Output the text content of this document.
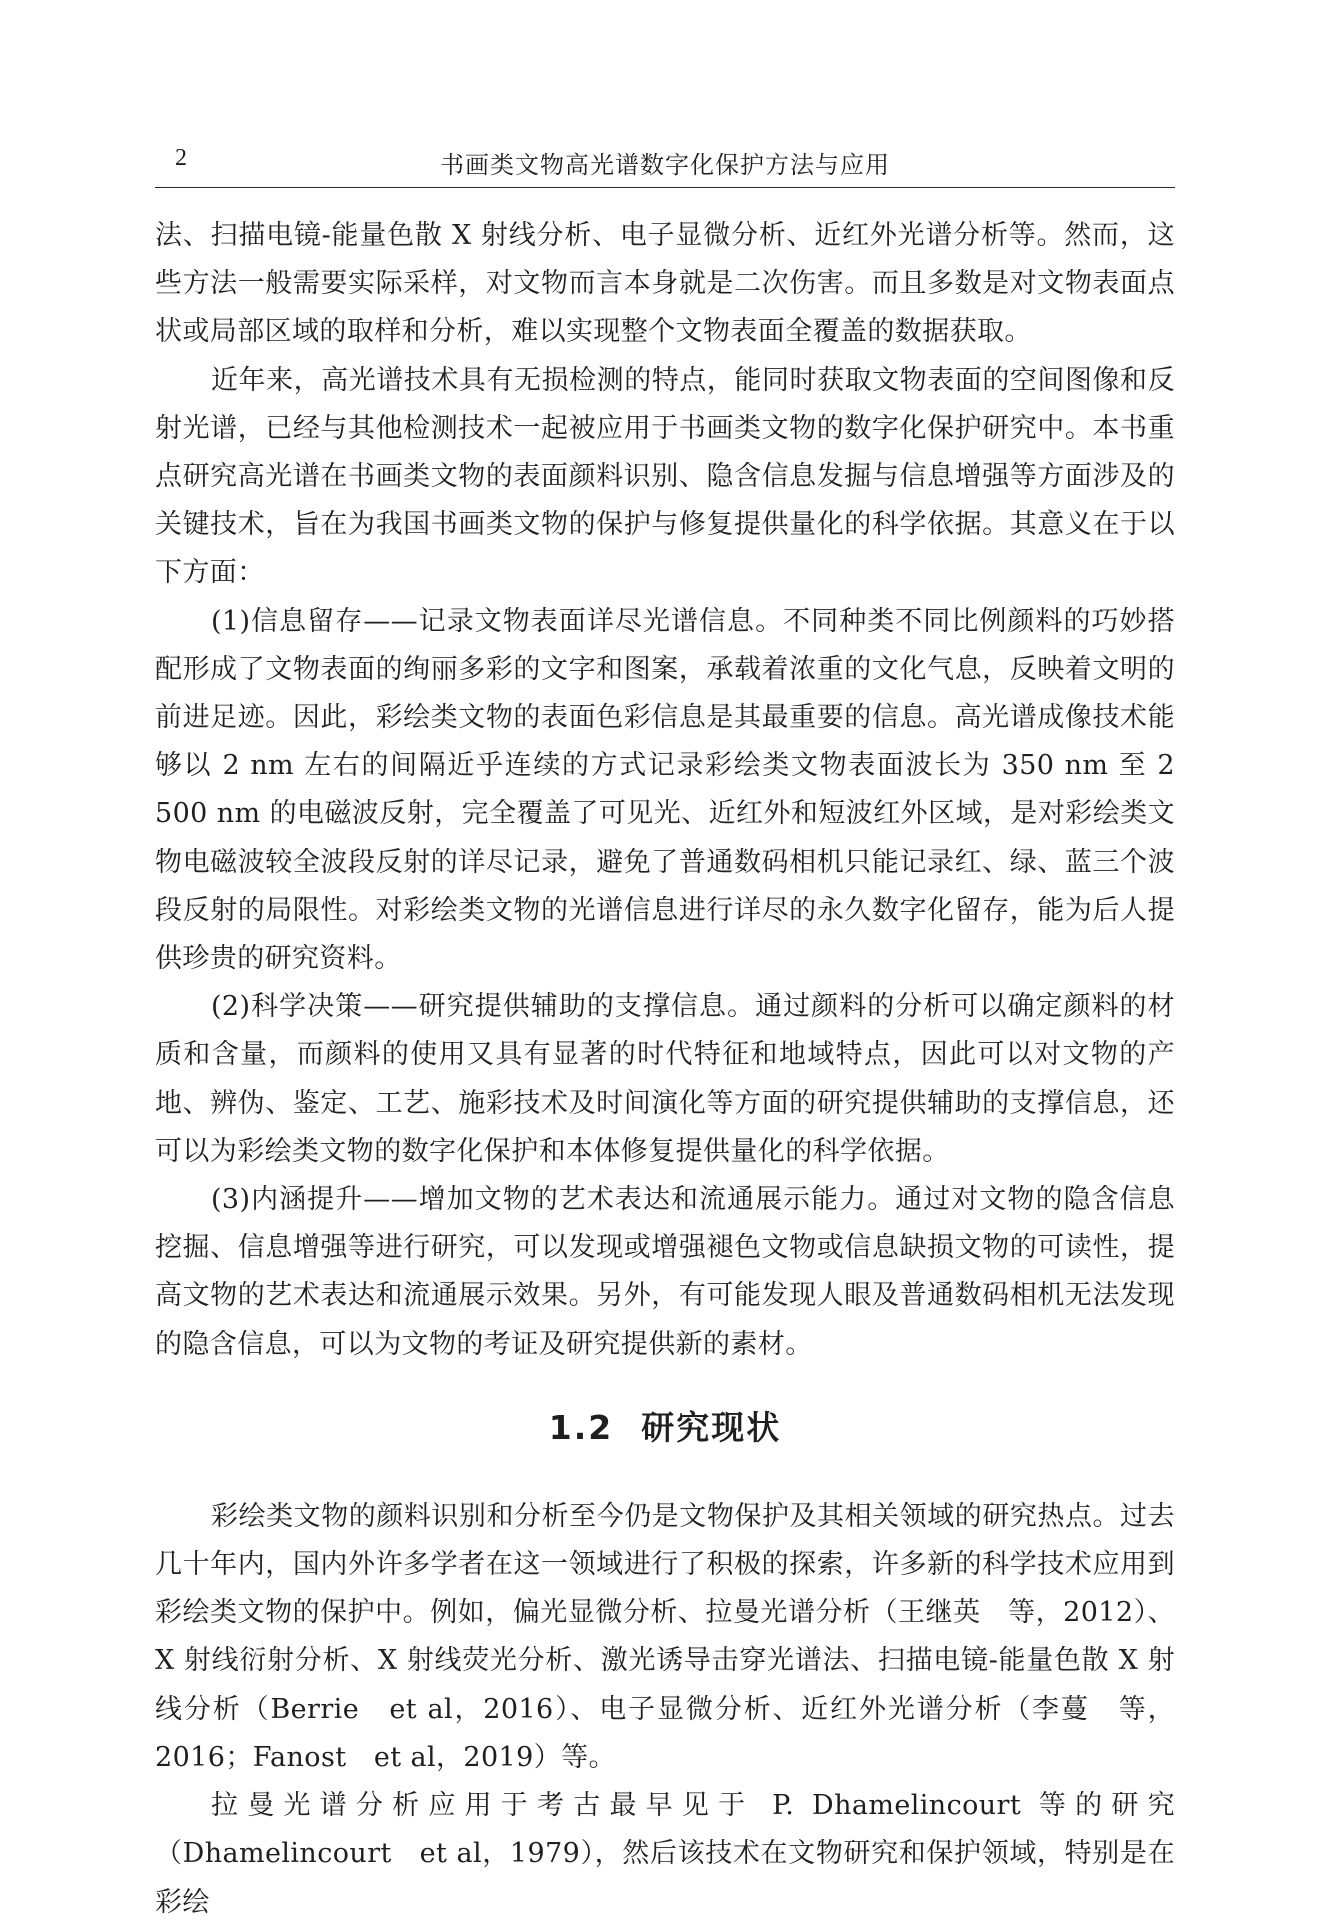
2	书画类文物高光谱数字化保护方法与应用

法、扫描电镜-能量色散 X 射线分析、电子显微分析、近红外光谱分析等。然而，这些方法一般需要实际采样，对文物而言本身就是二次伤害。而且多数是对文物表面点状或局部区域的取样和分析，难以实现整个文物表面全覆盖的数据获取。

近年来，高光谱技术具有无损检测的特点，能同时获取文物表面的空间图像和反射光谱，已经与其他检测技术一起被应用于书画类文物的数字化保护研究中。本书重点研究高光谱在书画类文物的表面颜料识别、隐含信息发掘与信息增强等方面涉及的关键技术，旨在为我国书画类文物的保护与修复提供量化的科学依据。其意义在于以下方面：

(1)信息留存——记录文物表面详尽光谱信息。不同种类不同比例颜料的巧妙搭配形成了文物表面的绚丽多彩的文字和图案，承载着浓重的文化气息，反映着文明的前进足迹。因此，彩绘类文物的表面色彩信息是其最重要的信息。高光谱成像技术能够以 2 nm 左右的间隔近乎连续的方式记录彩绘类文物表面波长为 350 nm 至 2 500 nm 的电磁波反射，完全覆盖了可见光、近红外和短波红外区域，是对彩绘类文物电磁波较全波段反射的详尽记录，避免了普通数码相机只能记录红、绿、蓝三个波段反射的局限性。对彩绘类文物的光谱信息进行详尽的永久数字化留存，能为后人提供珍贵的研究资料。

(2)科学决策——研究提供辅助的支撑信息。通过颜料的分析可以确定颜料的材质和含量，而颜料的使用又具有显著的时代特征和地域特点，因此可以对文物的产地、辨伪、鉴定、工艺、施彩技术及时间演化等方面的研究提供辅助的支撑信息，还可以为彩绘类文物的数字化保护和本体修复提供量化的科学依据。

(3)内涵提升——增加文物的艺术表达和流通展示能力。通过对文物的隐含信息挖掘、信息增强等进行研究，可以发现或增强褪色文物或信息缺损文物的可读性，提高文物的艺术表达和流通展示效果。另外，有可能发现人眼及普通数码相机无法发现的隐含信息，可以为文物的考证及研究提供新的素材。

1.2 研究现状

彩绘类文物的颜料识别和分析至今仍是文物保护及其相关领域的研究热点。过去几十年内，国内外许多学者在这一领域进行了积极的探索，许多新的科学技术应用到彩绘类文物的保护中。例如，偏光显微分析、拉曼光谱分析（王继英　等，2012）、X 射线衍射分析、X 射线荧光分析、激光诱导击穿光谱法、扫描电镜-能量色散 X 射线分析（Berrie　et al，2016）、电子显微分析、近红外光谱分析（李蔓　等，2016；Fanost　et al，2019）等。

拉曼光谱分析应用于考古最早见于 P. Dhamelincourt 等的研究（Dhamelincourt　et al，1979），然后该技术在文物研究和保护领域，特别是在彩绘
